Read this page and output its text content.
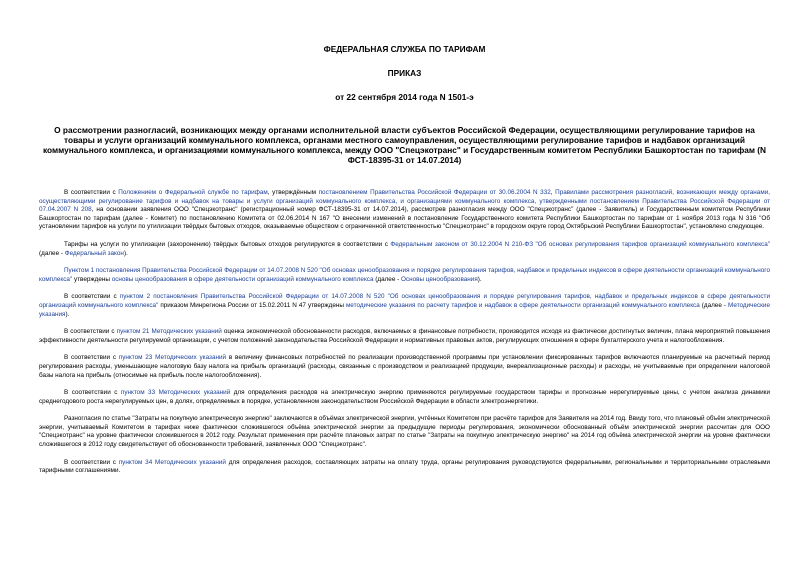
ФЕДЕРАЛЬНАЯ СЛУЖБА ПО ТАРИФАМ
ПРИКАЗ
от 22 сентября 2014 года N 1501-э
О рассмотрении разногласий, возникающих между органами исполнительной власти субъектов Российской Федерации, осуществляющими регулирование тарифов на товары и услуги организаций коммунального комплекса, органами местного самоуправления, осуществляющими регулирование тарифов и надбавок организаций коммунального комплекса, и организациями коммунального комплекса, между ООО "Спецэкотранс" и Государственным комитетом Республики Башкортостан по тарифам (N ФСТ-18395-31 от 14.07.2014)

В соответствии с Положением о Федеральной службе по тарифам, утверждённым постановлением Правительства Российской Федерации от 30.06.2004 N 332, Правилами рассмотрения разногласий, возникающих между органами, осуществляющими регулирование тарифов и надбавок на товары и услуги организаций коммунального комплекса, и организациями коммунального комплекса, утвержденными постановлением Правительства Российской Федерации от 07.04.2007 N 208, на основании заявления ООО "Спецэкотранс" (регистрационный номер ФСТ-18395-31 от 14.07.2014), рассмотрев разногласия между ООО "Спецэкотранс" (далее - Заявитель) и Государственным комитетом Республики Башкортостан по тарифам (далее - Комитет) по постановлению Комитета от 02.06.2014 N 167 "О внесении изменений в постановление Государственного комитета Республики Башкортостан по тарифам от 1 ноября 2013 года N 316 "Об установлении тарифов на услуги по утилизации твёрдых бытовых отходов, оказываемые обществом с ограниченной ответственностью "Спецэкотранс" в городском округе город Октябрьский Республики Башкортостан", установлено следующее.

Тарифы на услуги по утилизации (захоронению) твёрдых бытовых отходов регулируются в соответствии с Федеральным законом от 30.12.2004 N 210-ФЗ "Об основах регулирования тарифов организаций коммунального комплекса" (далее - Федеральный закон).

Пунктом 1 постановления Правительства Российской Федерации от 14.07.2008 N 520 "Об основах ценообразования и порядке регулирования тарифов, надбавок и предельных индексов в сфере деятельности организаций коммунального комплекса" утверждены основы ценообразования в сфере деятельности организаций коммунального комплекса (далее - Основы ценообразования).

В соответствии с пунктом 2 постановления Правительства Российской Федерации от 14.07.2008 N 520 "Об основах ценообразования и порядке регулирования тарифов, надбавок и предельных индексов в сфере деятельности организаций коммунального комплекса" приказом Минрегиона России от 15.02.2011 N 47 утверждены методические указания по расчету тарифов и надбавок в сфере деятельности организаций коммунального комплекса (далее - Методические указания).

В соответствии с пунктом 21 Методических указаний оценка экономической обоснованности расходов, включаемых в финансовые потребности, производится исходя из фактически достигнутых величин, плана мероприятий повышения эффективности деятельности регулируемой организации, с учетом положений законодательства Российской Федерации и нормативных правовых актов, регулирующих отношения в сфере бухгалтерского учета и налогообложения.

В соответствии с пунктом 23 Методических указаний в величину финансовых потребностей по реализации производственной программы при установлении фиксированных тарифов включаются планируемые на расчетный период регулирования расходы, уменьшающие налоговую базу налога на прибыль организаций (расходы, связанные с производством и реализацией продукции, внереализационные расходы) и расходы, не учитываемые при определении налоговой базы налога на прибыль (относимые на прибыль после налогообложения).

В соответствии с пунктом 33 Методических указаний для определения расходов на электрическую энергию применяются регулируемые государством тарифы и прогнозные нерегулируемые цены, с учетом анализа динамики среднегодового роста нерегулируемых цен, в долях, определяемых в порядке, установленном законодательством Российской Федерации в области электроэнергетики.

Разногласия по статье "Затраты на покупную электрическую энергию" заключаются в объёмах электрической энергии, учтённых Комитетом при расчёте тарифов для Заявителя на 2014 год. Ввиду того, что плановый объём электрической энергии, учитываемый Комитетом в тарифах ниже фактически сложившегося объёма электрической энергии за предыдущие периоды регулирования, экономически обоснованный объём электрической энергии рассчитан для ООО "Спецэкотранс" на уровне фактически сложившегося в 2012 году. Результат применения при расчёте плановых затрат по статье "Затраты на покупную электрическую энергию" на 2014 год объёма электрической энергии на уровне фактически сложившегося в 2012 году свидетельствует об обоснованности требований, заявленных ООО "Спецэкотранс".

В соответствии с пунктом 34 Методических указаний для определения расходов, составляющих затраты на оплату труда, органы регулирования руководствуются федеральными, региональными и территориальными отраслевыми тарифными соглашениями.
